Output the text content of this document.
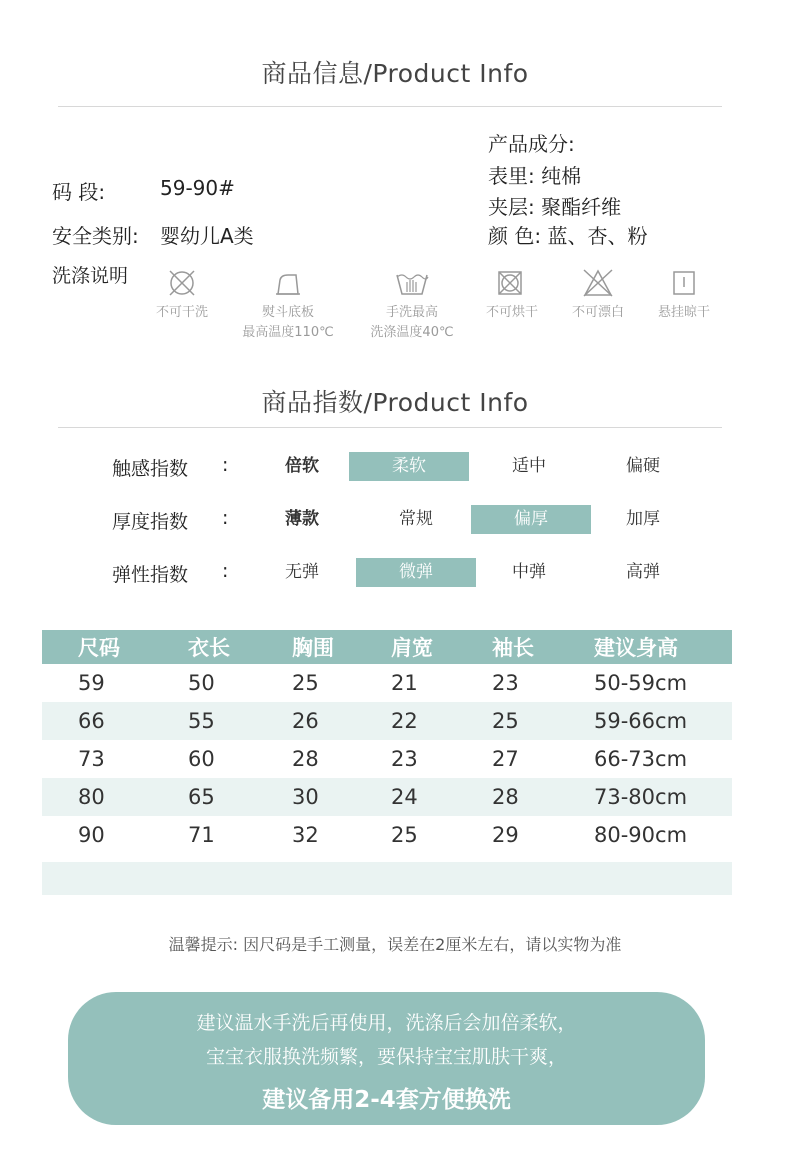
商品信息/Product Info
码 段:	59-90#
安全类别: 婴幼儿A类
洗涤说明
产品成分:
表里: 纯棉
夹层: 聚酯纤维
颜 色: 蓝、杏、粉
不可干洗	熨斗底板
最高温度110℃
手洗最高
洗涤温度40℃
不可烘干	不可漂白	悬挂晾干
商品指数/Product Info
触感指数 :	倍软	柔软	适中	偏硬
厚度指数 :	薄款	常规	偏厚	加厚
弹性指数 :	无弹	微弹	中弹	高弹
尺码	衣长	胸围	肩宽	袖长	建议身高
59	50	25	21	23	50-59cm
66	55	26	22	25	59-66cm
73	60	28	23	27	66-73cm
80	65	30	24	28	73-80cm
90	71	32	25	29	80-90cm
温馨提示: 因尺码是手工测量，误差在2厘米左右，请以实物为准
建议温水手洗后再使用，洗涤后会加倍柔软，
宝宝衣服换洗频繁，要保持宝宝肌肤干爽，
建议备用2-4套方便换洗
